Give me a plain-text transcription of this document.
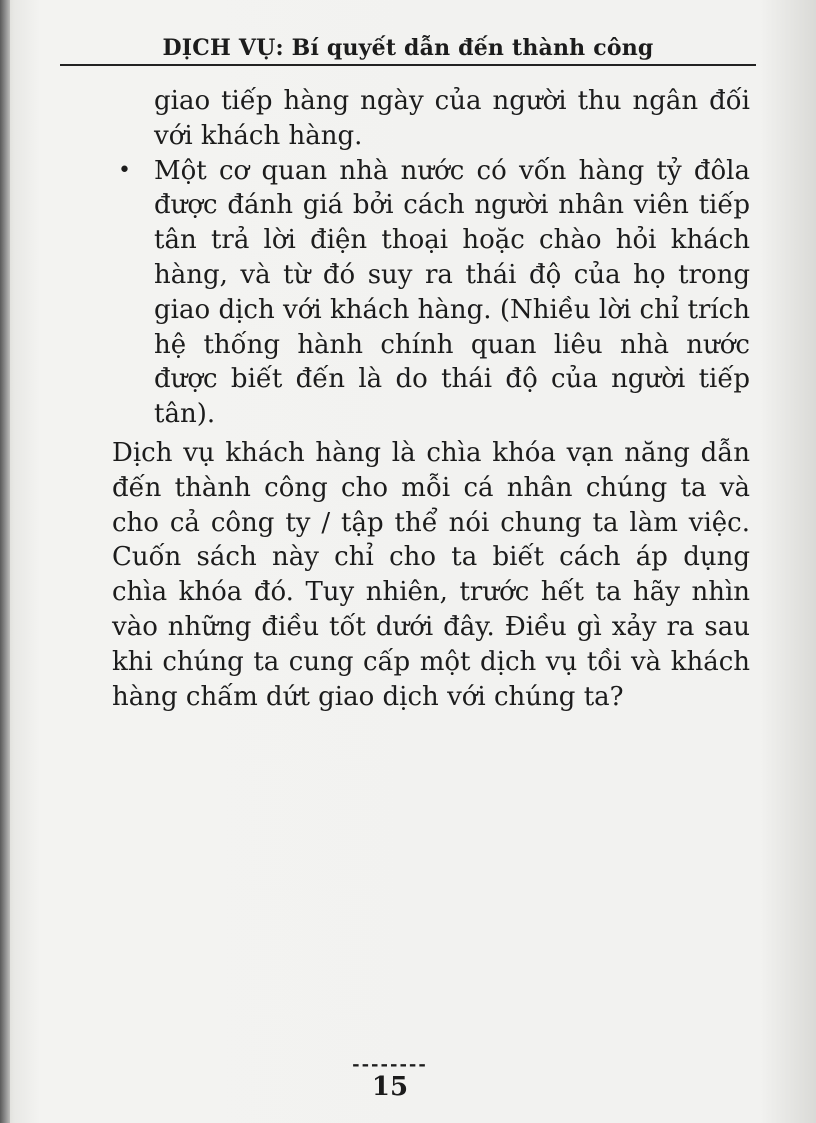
DỊCH VỤ: Bí quyết dẫn đến thành công
giao tiếp hàng ngày của người thu ngân đối với khách hàng.
• Một cơ quan nhà nước có vốn hàng tỷ đôla được đánh giá bởi cách người nhân viên tiếp tân trả lời điện thoại hoặc chào hỏi khách hàng, và từ đó suy ra thái độ của họ trong giao dịch với khách hàng. (Nhiều lời chỉ trích hệ thống hành chính quan liêu nhà nước được biết đến là do thái độ của người tiếp tân).
Dịch vụ khách hàng là chìa khóa vạn năng dẫn đến thành công cho mỗi cá nhân chúng ta và cho cả công ty / tập thể nói chung ta làm việc. Cuốn sách này chỉ cho ta biết cách áp dụng chìa khóa đó. Tuy nhiên, trước hết ta hãy nhìn vào những điều tốt dưới đây. Điều gì xảy ra sau khi chúng ta cung cấp một dịch vụ tồi và khách hàng chấm dứt giao dịch với chúng ta?
--------
15
